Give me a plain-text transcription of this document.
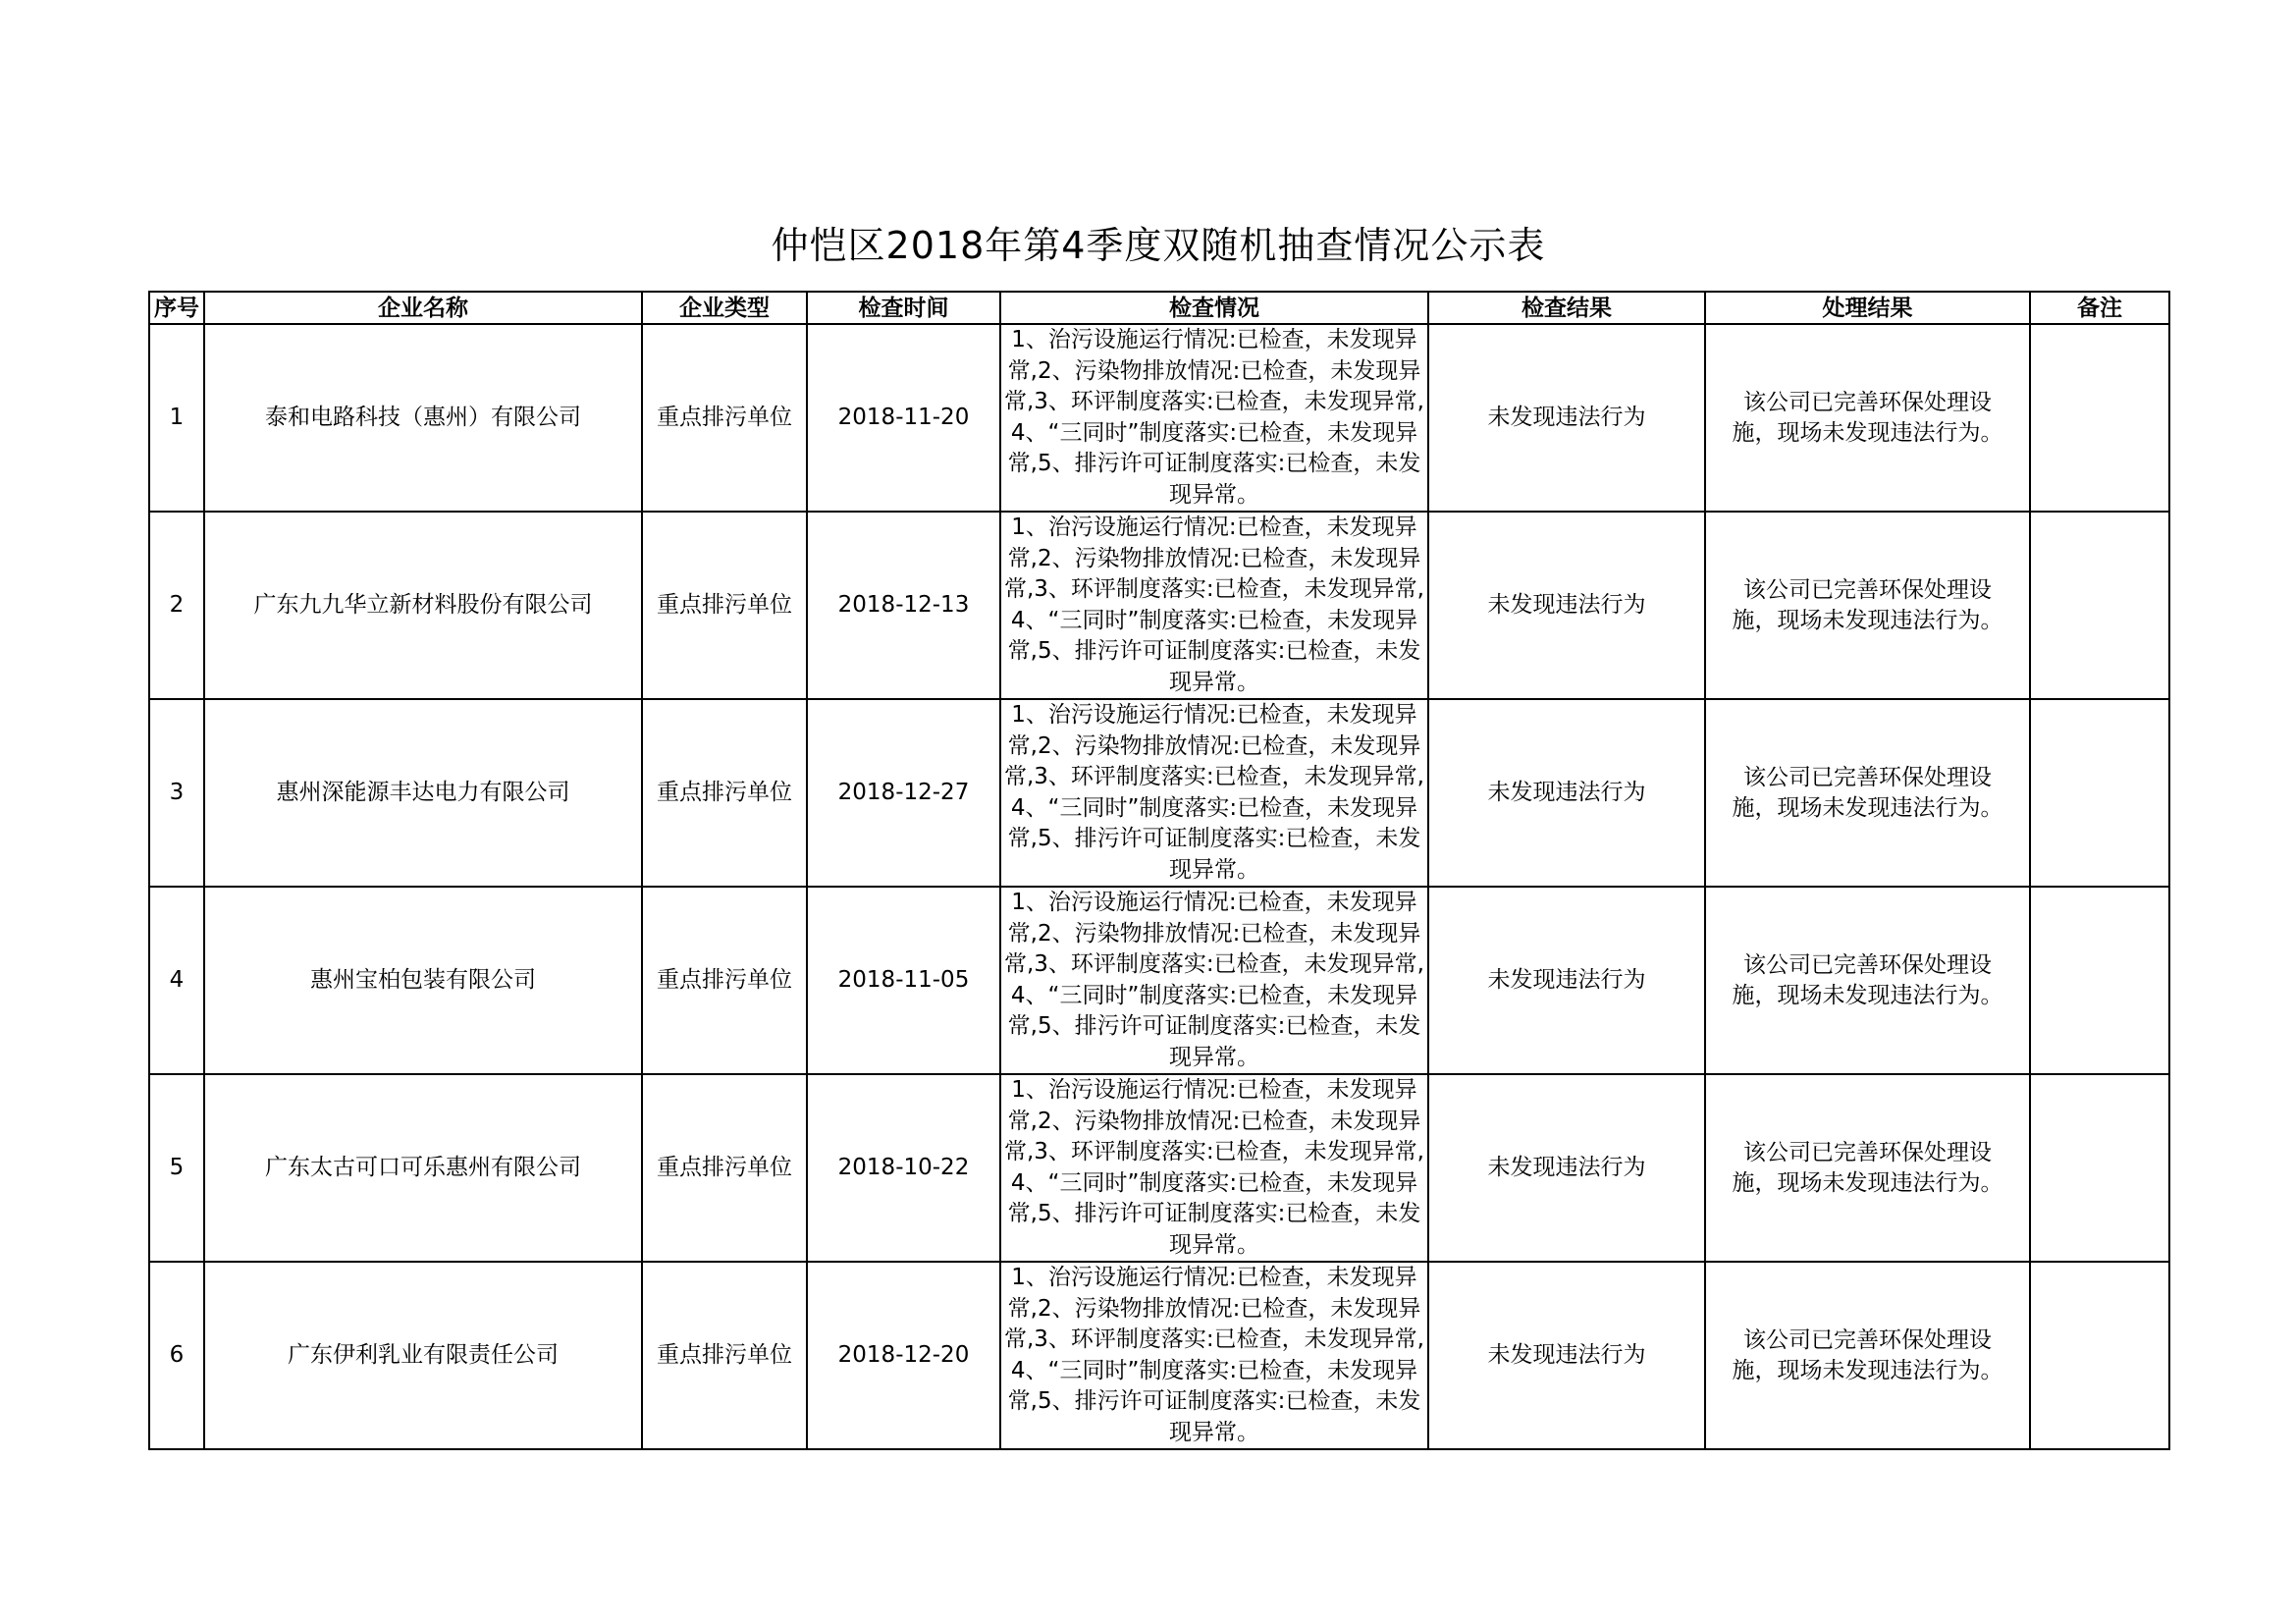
仲恺区2018年第4季度双随机抽查情况公示表
序号	企业名称	企业类型	检查时间	检查情况	检查结果	处理结果	备注
1	泰和电路科技（惠州）有限公司	重点排污单位	2018-11-20	1、治污设施运行情况:已检查，未发现异常,2、污染物排放情况:已检查，未发现异常,3、环评制度落实:已检查，未发现异常,4、“三同时”制度落实:已检查，未发现异常,5、排污许可证制度落实:已检查，未发现异常。	未发现违法行为	该公司已完善环保处理设施，现场未发现违法行为。	
2	广东九九华立新材料股份有限公司	重点排污单位	2018-12-13	1、治污设施运行情况:已检查，未发现异常,2、污染物排放情况:已检查，未发现异常,3、环评制度落实:已检查，未发现异常,4、“三同时”制度落实:已检查，未发现异常,5、排污许可证制度落实:已检查，未发现异常。	未发现违法行为	该公司已完善环保处理设施，现场未发现违法行为。	
3	惠州深能源丰达电力有限公司	重点排污单位	2018-12-27	1、治污设施运行情况:已检查，未发现异常,2、污染物排放情况:已检查，未发现异常,3、环评制度落实:已检查，未发现异常,4、“三同时”制度落实:已检查，未发现异常,5、排污许可证制度落实:已检查，未发现异常。	未发现违法行为	该公司已完善环保处理设施，现场未发现违法行为。	
4	惠州宝柏包装有限公司	重点排污单位	2018-11-05	1、治污设施运行情况:已检查，未发现异常,2、污染物排放情况:已检查，未发现异常,3、环评制度落实:已检查，未发现异常,4、“三同时”制度落实:已检查，未发现异常,5、排污许可证制度落实:已检查，未发现异常。	未发现违法行为	该公司已完善环保处理设施，现场未发现违法行为。	
5	广东太古可口可乐惠州有限公司	重点排污单位	2018-10-22	1、治污设施运行情况:已检查，未发现异常,2、污染物排放情况:已检查，未发现异常,3、环评制度落实:已检查，未发现异常,4、“三同时”制度落实:已检查，未发现异常,5、排污许可证制度落实:已检查，未发现异常。	未发现违法行为	该公司已完善环保处理设施，现场未发现违法行为。	
6	广东伊利乳业有限责任公司	重点排污单位	2018-12-20	1、治污设施运行情况:已检查，未发现异常,2、污染物排放情况:已检查，未发现异常,3、环评制度落实:已检查，未发现异常,4、“三同时”制度落实:已检查，未发现异常,5、排污许可证制度落实:已检查，未发现异常。	未发现违法行为	该公司已完善环保处理设施，现场未发现违法行为。	
